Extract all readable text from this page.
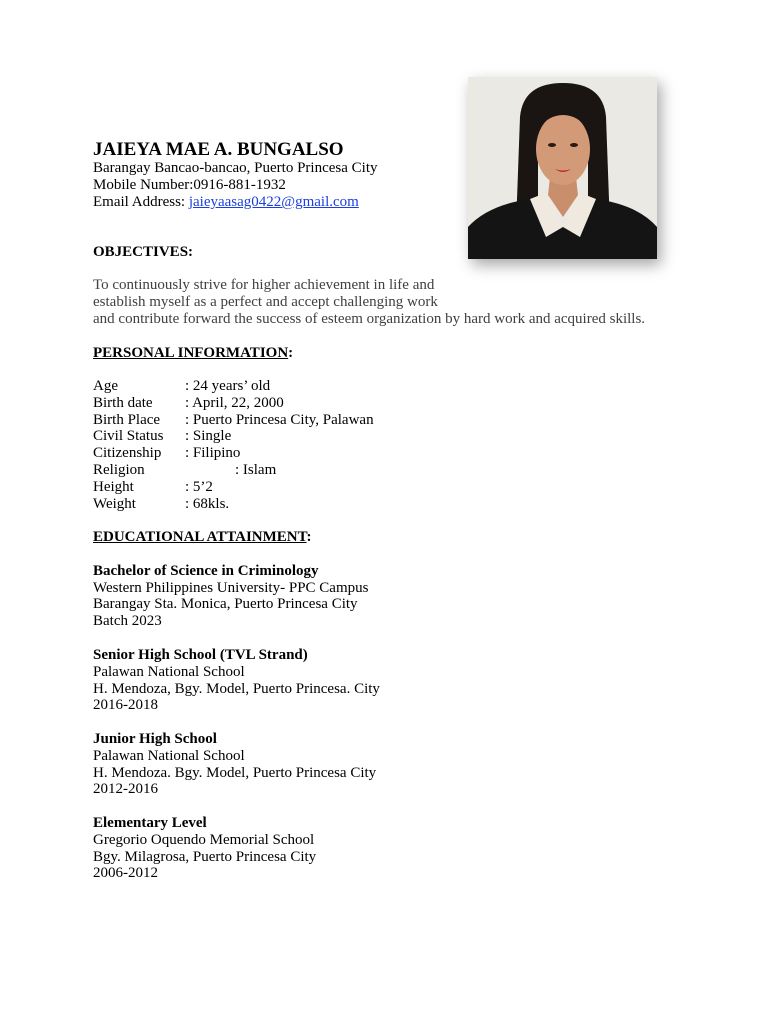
JAIEYA MAE A. BUNGALSO
Barangay Bancao-bancao, Puerto Princesa City
Mobile Number:0916-881-1932
Email Address: jaieyaasag0422@gmail.com
OBJECTIVES:
To continuously strive for higher achievement in life and
establish myself as a perfect and accept challenging work
and contribute forward the success of esteem organization by hard work and acquired skills.
PERSONAL INFORMATION:
Age	: 24 years’ old
Birth date : April, 22, 2000
Birth Place : Puerto Princesa City, Palawan
Civil Status : Single
Citizenship : Filipino
Religion	: Islam
Height	: 5’2
Weight	: 68kls.
EDUCATIONAL ATTAINMENT:
Bachelor of Science in Criminology
Western Philippines University- PPC Campus
Barangay Sta. Monica, Puerto Princesa City
Batch 2023
Senior High School (TVL Strand)
Palawan National School
H. Mendoza, Bgy. Model, Puerto Princesa. City
2016-2018
Junior High School
Palawan National School
H. Mendoza. Bgy. Model, Puerto Princesa City
2012-2016
Elementary Level
Gregorio Oquendo Memorial School
Bgy. Milagrosa, Puerto Princesa City
2006-2012
